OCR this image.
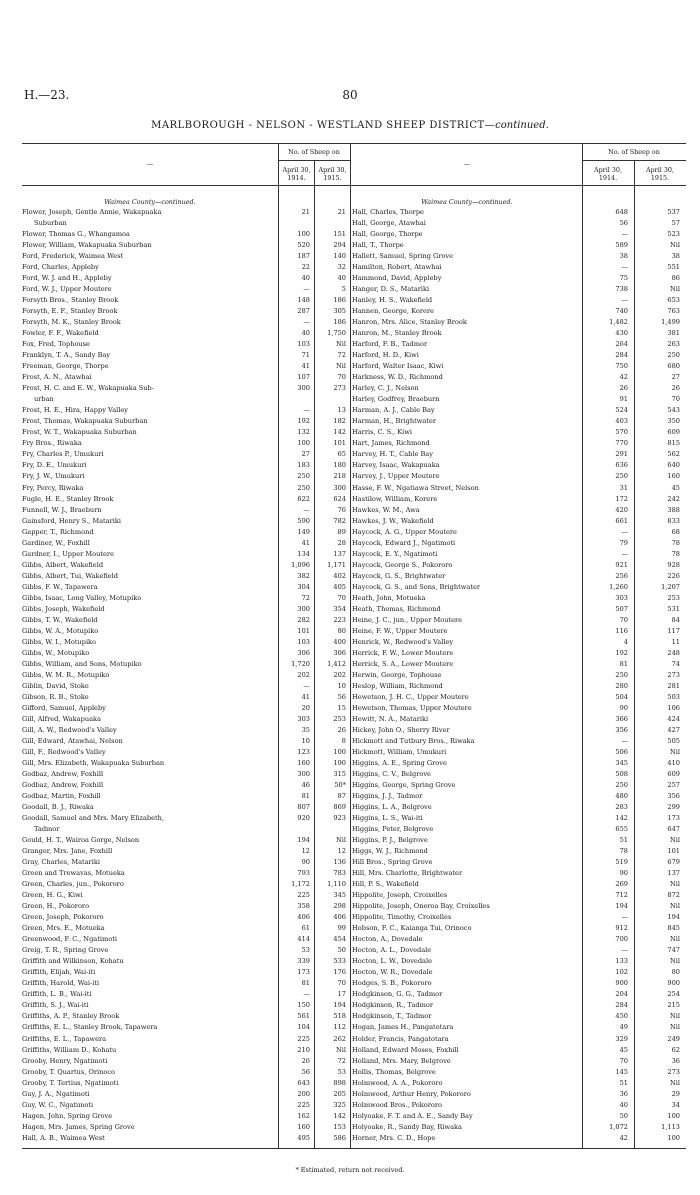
H.—23.	80
MARLBOROUGH - NELSON - WESTLAND SHEEP DISTRICT—continued.
—
No. of Sheep on
April 30, 1914.
April 30, 1915.
—
No. of Sheep on
April 30, 1914.
April 30, 1915.
Waimea County—continued.	Waimea County—continued.
Flower, Joseph, Gentle Annie, Wakapuaka	21	21
Suburban
Flower, Thomas G., Whangamoa	100	151
Flower, William, Wakapuaka Suburban	520	294
Ford, Frederick, Waimea West	187	140
Ford, Charles, Appleby	22	32
Ford, W. J. and H., Appleby	40	40
Ford, W. J., Upper Moutere	—	5
Forsyth Bros., Stanley Brook	148	186
Forsyth, E. F., Stanley Brook	287	305
Forsyth, M. K., Stanley Brook	—	186
Fowler, F. F., Wakefield	40	1,750
Fox, Fred, Tophouse	103	Nil
Franklyn, T. A., Sandy Bay	71	72
Freeman, George, Thorpe	41	Nil
Frost, A. N., Atawhai	107	70
Frost, H. C. and E. W., Wakapuaka Sub-	300	273
urban
Frost, H. E., Hira, Happy Valley	—	13
Frost, Thomas, Wakapuaka Suburban	192	182
Frost, W. T., Wakapuaka Suburban	132	142
Fry Bros., Riwaka	100	101
Fry, Charles P., Umukuri	27	65
Fry, D. E., Umukuri	183	180
Fry, J. W., Umukuri	250	218
Fry, Percy, Riwaka	250	300
Fugle, H. E., Stanley Brook	622	624
Funnell, W. J., Braeburn	—	76
Gainsford, Henry S., Matariki	590	782
Gapper, T., Richmond	149	89
Gardiner, W., Foxhill	41	28
Gardner, I., Upper Moutere	134	137
Gibbs, Albert, Wakefield	1,096	1,171
Gibbs, Albert, Tui, Wakefield	382	402
Gibbs, F. W., Tapawera	304	405
Gibbs, Isaac, Long Valley, Motupiko	72	70
Gibbs, Joseph, Wakefield	300	354
Gibbs, T. W., Wakefield	282	223
Gibbs, W. A., Motupiko	101	80
Gibbs, W. I., Motupiko	103	400
Gibbs, W., Motupiko	306	306
Gibbs, William, and Sons, Motupiko	1,720	1,412
Gibbs, W. M. R., Motupiko	202	202
Giblin, David, Stoke	—	10
Gibson, R. B., Stoke	41	56
Gifford, Samuel, Appleby	20	15
Gill, Alfred, Wakapuaka	303	253
Gill, A. W., Redwood's Valley	35	26
Gill, Edward, Atawhai, Nelson	10	8
Gill, F., Redwood's Valley	123	100
Gill, Mrs. Elizabeth, Wakapuaka Suburban	160	190
Godbaz, Andrew, Foxhill	300	315
Godbaz, Andrew, Foxhill	46	50*
Godbaz, Martin, Foxhill	81	87
Goodall, B. J., Riwaka	807	869
Goodall, Samuel and Mrs. Mary Elizabeth,	920	923
Tadmor
Gould, H. T., Wairoa Gorge, Nelson	194	Nil
Granger, Mrs. Jane, Foxhill	12	12
Gray, Charles, Matariki	90	136
Green and Trewavas, Motueka	793	783
Green, Charles, jun., Pokororo	1,172	1,110
Green, H. G., Kiwi	225	345
Green, H., Pokororo	358	298
Green, Joseph, Pokororo	406	406
Green, Mrs. E., Motueka	61	99
Greenwood, F. C., Ngatimoti	414	454
Greig, T. R., Spring Grove	53	50
Griffith and Wilkinson, Kohatu	339	533
Griffith, Elijah, Wai-iti	173	176
Griffith, Harold, Wai-iti	81	70
Griffith, L. B., Wai-iti	—	17
Griffith, S. J., Wai-iti	150	194
Griffiths, A. P., Stanley Brook	561	518
Griffiths, E. L., Stanley Brook, Tapawera	104	112
Griffiths, E. L., Tapawera	225	262
Griffiths, William D., Kohatu	210	Nil
Grooby, Henry, Ngatimoti	26	72
Grooby, T. Quartus, Orinoco	56	53
Grooby, T. Tertius, Ngatimoti	643	898
Guy, J. A., Ngatimoti	200	205
Guy, W. C., Ngatimoti	225	325
Hagen, John, Spring Grove	162	142
Hagen, Mrs. James, Spring Grove	160	153
Hall, A. B., Waimea West	495	586
Hall, Charles, Thorpe	648	537
Hall, George, Atawhai	56	57
Hall, George, Thorpe	—	523
Hall, T., Thorpe	589	Nil
Hallett, Samuel, Spring Grove	38	38
Hamilton, Robert, Atawhai	—	551
Hammond, David, Appleby	75	86
Hanger, D. S., Matariki	738	Nil
Hanley, H. S., Wakefield	—	653
Hannen, George, Korere	740	763
Hanron, Mrs. Alice, Stanley Brook	1,482	1,499
Hanron, M., Stanley Brook	430	381
Harford, F. B., Tadmor	264	263
Harford, H. D., Kiwi	284	250
Harford, Walter Isaac, Kiwi	750	680
Harkness, W. D., Richmond	42	27
Harley, C. J., Nelson	26	26
Harley, Godfrey, Braeburn	91	70
Harman, A. J., Cable Bay	524	543
Harman, H., Brightwater	403	350
Harris, C. S., Kiwi	570	609
Hart, James, Richmond	770	815
Harvey, H. T., Cable Bay	291	562
Harvey, Isaac, Wakapuaka	636	640
Harvey, J., Upper Moutere	250	160
Hasse, F. W., Ngatiawa Street, Nelson	31	45
Hastilow, William, Korere	172	242
Hawkes, W. M., Awa	420	388
Hawkes, J. W., Wakefield	661	833
Haycock, A. G., Upper Moutere	—	68
Haycock, Edward J., Ngatimoti	79	78
Haycock, E. Y., Ngatimoti	—	78
Haycock, George S., Pokororo	921	928
Haycock, G. S., Brightwater	256	226
Haycock, G. S., and Sons, Brightwater	1,260	1,207
Heath, John, Motueka	303	253
Heath, Thomas, Richmond	507	531
Heine, J. C., jun., Upper Moutere	70	84
Heine, F. W., Upper Moutere	116	117
Henrick, W., Redwood's Valley	4	11
Herrick, F. W., Lower Moutere	192	248
Herrick, S. A., Lower Moutere	81	74
Herwin, George, Tophouse	250	273
Heslop, William, Richmond	280	281
Hewetson, J. H. C., Upper Moutere	504	503
Hewetson, Thomas, Upper Moutere	90	106
Hewitt, N. A., Matariki	366	424
Hickey, John O., Sherry River	356	427
Hickmott and Tutbury Bros., Riwaka	—	505
Hickmott, William, Umukuri	506	Nil
Higgins, A. E., Spring Grove	345	410
Higgins, C. V., Belgrove	508	609
Higgins, George, Spring Grove	250	257
Higgins, J. J., Tadmor	480	356
Higgins, L. A., Belgrove	283	299
Higgins, L. S., Wai-iti	142	173
Higgins, Peter, Belgrove	655	647
Higgins, P. J., Belgrove	51	Nil
Higgs, W. J., Richmond	78	101
Hill Bros., Spring Grove	519	679
Hill, Mrs. Charlotte, Brightwater	90	137
Hill, P. S., Wakefield	269	Nil
Hippolite, Joseph, Croixelles	712	872
Hippolite, Joseph, Oneroa Bay, Croixelles	194	Nil
Hippolite, Timothy, Croixelles	—	194
Hobson, F. C., Kaianga Tui, Orinoco	912	845
Hocton, A., Dovedale	700	Nil
Hocton, A. L., Dovedale	—	747
Hocton, L. W., Dovedale	133	Nil
Hocton, W. R., Dovedale	102	80
Hodges, S. B., Pokororo	900	900
Hodgkinson, G. G., Tadmor	204	254
Hodgkinson, R., Tadmor	284	215
Hodgkinson, T., Tadmor	450	Nil
Hogan, James H., Pangatotara	49	Nil
Holder, Francis, Pangatotara	329	249
Holland, Edward Moses, Foxhill	45	62
Holland, Mrs. Mary, Belgrove	70	36
Hollis, Thomas, Belgrove	145	273
Holmwood, A. A., Pokororo	51	Nil
Holmwood, Arthur Henry, Pokororo	36	29
Holmwood Bros., Pokororo	40	34
Holyoake, F. T. and A. E., Sandy Bay	50	100
Holyoake, R., Sandy Bay, Riwaka	1,072	1,113
Horner, Mrs. C. D., Hope	42	100
* Estimated, return not received.
